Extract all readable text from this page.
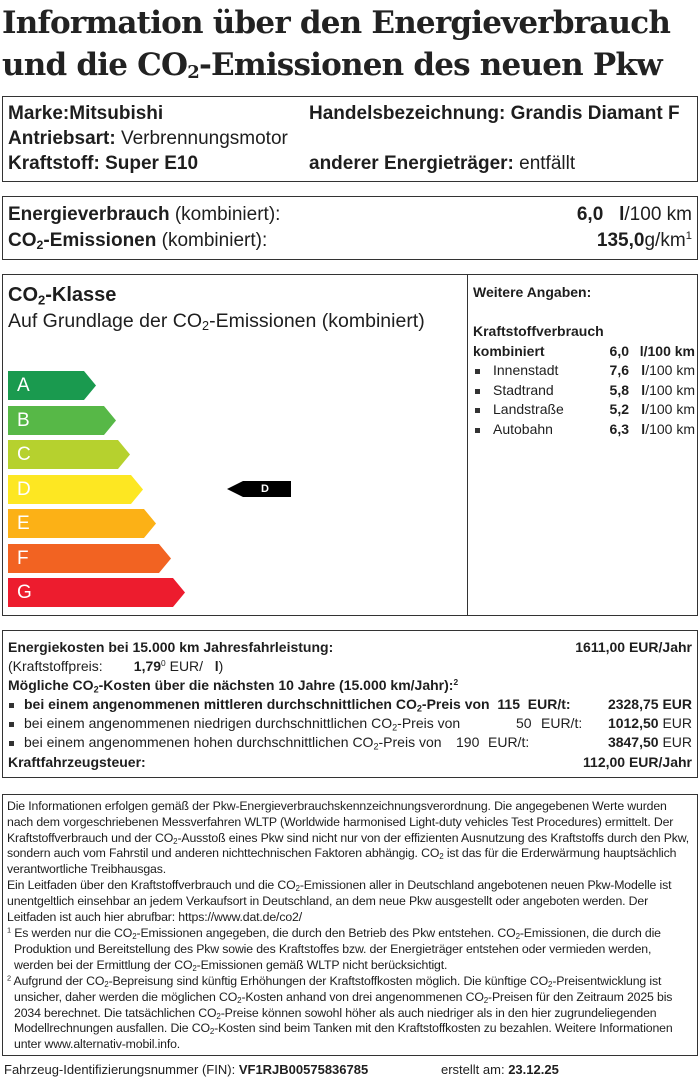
Information über den Energieverbrauch
und die $CO_2$-Emissionen des neuen Pkw
Marke:Mitsubishi	Handelsbezeichnung: Grandis Diamant F
Antriebsart: Verbrennungsmotor
Kraftstoff: Super E10	anderer Energieträger: entfällt
Energieverbrauch (kombiniert):	6,0 l/100 km
$CO_2$-Emissionen (kombiniert):	135,0g/km$^1$
$CO_2$-Klasse
Auf Grundlage der $CO_2$-Emissionen (kombiniert)
A
B
C
D
E
F
G
D
Weitere Angaben:
Kraftstoffverbrauch
kombiniert	6,0 l/100 km
Innenstadt	7,6 l/100 km
Stadtrand	5,8 l/100 km
Landstraße	5,2 l/100 km
Autobahn	6,3 l/100 km
Energiekosten bei 15.000 km Jahresfahrleistung:	1611,00 EUR/Jahr
(Kraftstoffpreis: 1,79$^0$ EUR/ l)
Mögliche $CO_2$-Kosten über die nächsten 10 Jahre (15.000 km/Jahr):$^2$
bei einem angenommenen mittleren durchschnittlichen $CO_2$-Preis von 115 EUR/t:	2328,75 EUR
bei einem angenommenen niedrigen durchschnittlichen $CO_2$-Preis von	50 EUR/t: 1012,50 EUR
bei einem angenommenen hohen durchschnittlichen $CO_2$-Preis von 190 EUR/t:	3847,50 EUR
Kraftfahrzeugsteuer:	112,00 EUR/Jahr

Die Informationen erfolgen gemäß der Pkw-Energieverbrauchskennzeichnungsverordnung. Die angegebenen Werte wurden nach dem vorgeschriebenen Messverfahren WLTP (Worldwide harmonised Light-duty vehicles Test Procedures) ermittelt. Der Kraftstoffverbrauch und der $CO_2$-Ausstoß eines Pkw sind nicht nur von der effizienten Ausnutzung des Kraftstoffs durch den Pkw, sondern auch vom Fahrstil und anderen nichttechnischen Faktoren abhängig. $CO_2$ ist das für die Erderwärmung hauptsächlich verantwortliche Treibhausgas.

Ein Leitfaden über den Kraftstoffverbrauch und die $CO_2$-Emissionen aller in Deutschland angebotenen neuen Pkw-Modelle ist unentgeltlich einsehbar an jedem Verkaufsort in Deutschland, an dem neue Pkw ausgestellt oder angeboten werden. Der Leitfaden ist auch hier abrufbar: https://www.dat.de/co2/

$^1$ Es werden nur die $CO_2$-Emissionen angegeben, die durch den Betrieb des Pkw entstehen. $CO_2$-Emissionen, die durch die Produktion und Bereitstellung des Pkw sowie des Kraftstoffes bzw. der Energieträger entstehen oder vermieden werden, werden bei der Ermittlung der $CO_2$-Emissionen gemäß WLTP nicht berücksichtigt.

$^2$ Aufgrund der $CO_2$-Bepreisung sind künftig Erhöhungen der Kraftstoffkosten möglich. Die künftige $CO_2$-Preisentwicklung ist unsicher, daher werden die möglichen $CO_2$-Kosten anhand von drei angenommenen $CO_2$-Preisen für den Zeitraum 2025 bis 2034 berechnet. Die tatsächlichen $CO_2$-Preise können sowohl höher als auch niedriger als in den hier zugrundeliegenden Modellrechnungen ausfallen. Die $CO_2$-Kosten sind beim Tanken mit den Kraftstoffkosten zu bezahlen. Weitere Informationen unter www.alternativ-mobil.info.

Fahrzeug-Identifizierungsnummer (FIN): VF1RJB00575836785	erstellt am: 23.12.25
